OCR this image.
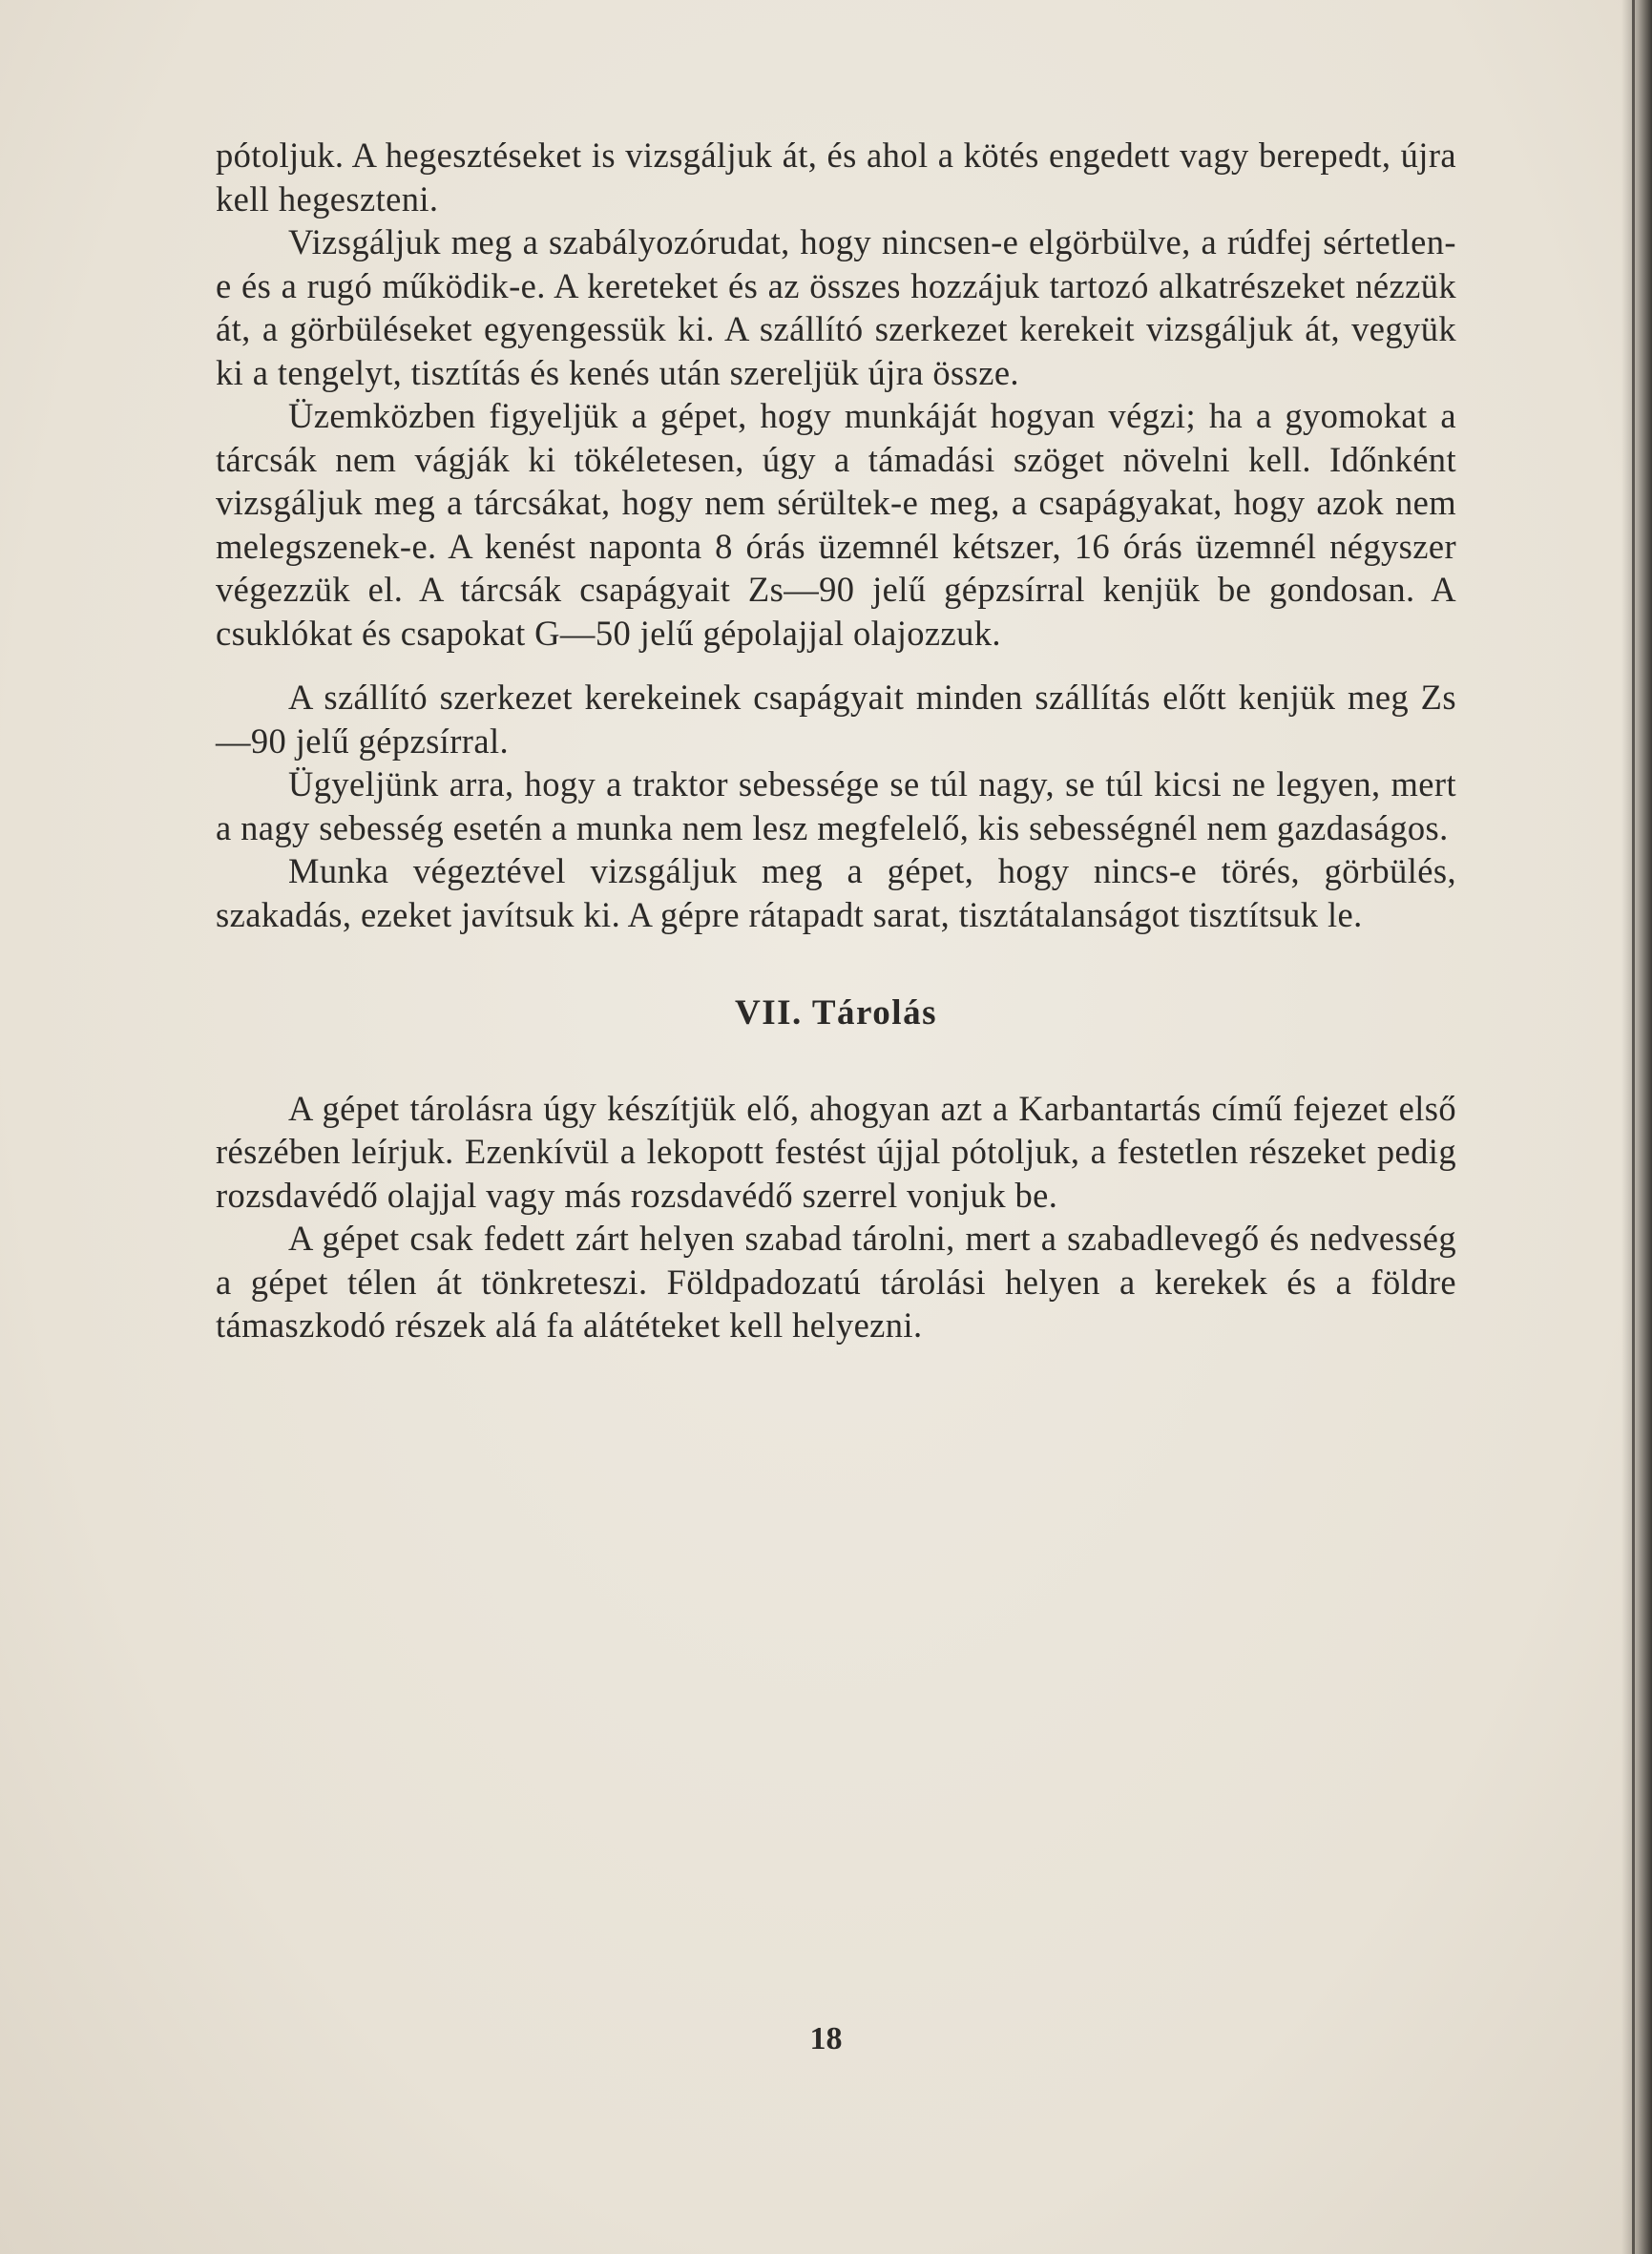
pótoljuk. A hegesztéseket is vizsgáljuk át, és ahol a kötés engedett vagy berepedt, újra kell hegeszteni.

Vizsgáljuk meg a szabályozórudat, hogy nincsen-e elgörbülve, a rúdfej sértetlen-e és a rugó működik-e. A kereteket és az összes hozzájuk tartozó alkatrészeket nézzük át, a görbüléseket egyengessük ki. A szállító szerkezet kerekeit vizsgáljuk át, vegyük ki a tengelyt, tisztítás és kenés után szereljük újra össze.

Üzemközben figyeljük a gépet, hogy munkáját hogyan végzi; ha a gyomokat a tárcsák nem vágják ki tökéletesen, úgy a támadási szöget növelni kell. Időnként vizsgáljuk meg a tárcsákat, hogy nem sérültek-e meg, a csapágyakat, hogy azok nem melegszenek-e. A kenést naponta 8 órás üzemnél kétszer, 16 órás üzemnél négyszer végezzük el. A tárcsák csapágyait Zs—90 jelű gépzsírral kenjük be gondosan. A csuklókat és csapokat G—50 jelű gépolajjal olajozzuk.

A szállító szerkezet kerekeinek csapágyait minden szállítás előtt kenjük meg Zs—90 jelű gépzsírral.

Ügyeljünk arra, hogy a traktor sebessége se túl nagy, se túl kicsi ne legyen, mert a nagy sebesség esetén a munka nem lesz megfelelő, kis sebességnél nem gazdaságos.

Munka végeztével vizsgáljuk meg a gépet, hogy nincs-e törés, görbülés, szakadás, ezeket javítsuk ki. A gépre rátapadt sarat, tisztátalanságot tisztítsuk le.

VII. Tárolás

A gépet tárolásra úgy készítjük elő, ahogyan azt a Karbantartás című fejezet első részében leírjuk. Ezenkívül a lekopott festést újjal pótoljuk, a festetlen részeket pedig rozsdavédő olajjal vagy más rozsdavédő szerrel vonjuk be.

A gépet csak fedett zárt helyen szabad tárolni, mert a szabadlevegő és nedvesség a gépet télen át tönkreteszi. Földpadozatú tárolási helyen a kerekek és a földre támaszkodó részek alá fa alátéteket kell helyezni.

18
